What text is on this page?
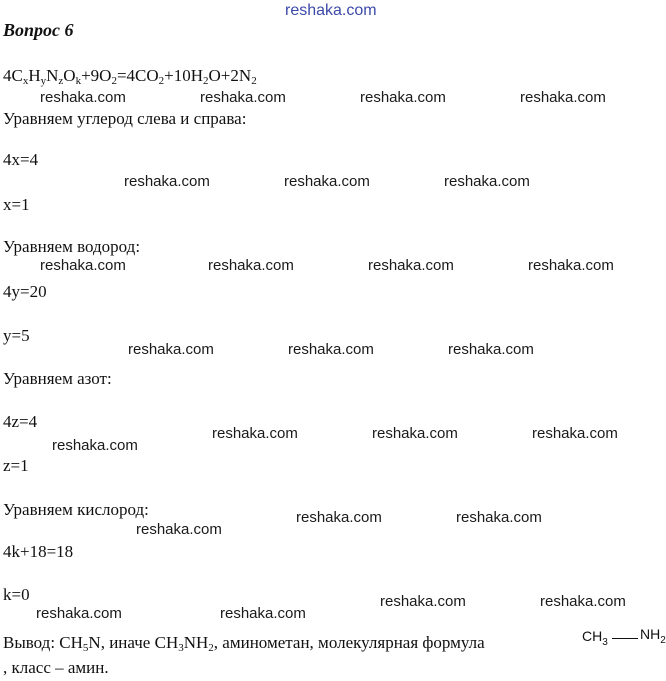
reshaka.com
Вопрос 6
$4C_xH_yN_zO_k+9O_2=4CO_2+10H_2O+2N_2$
Уравняем углерод слева и справа:
4x=4
x=1
Уравняем водород:
4y=20
y=5
Уравняем азот:
4z=4
z=1
Уравняем кислород:
4k+18=18
k=0
Вывод: $CH_5N$, иначе $CH_3NH_2$, аминометан, молекулярная формула
, класс – амин.
$CH_3$
$NH_2$
reshaka.com	reshaka.com	reshaka.com	reshaka.com
reshaka.com	reshaka.com	reshaka.com
reshaka.com	reshaka.com	reshaka.com	reshaka.com
reshaka.com	reshaka.com	reshaka.com
reshaka.com
reshaka.com	reshaka.com	reshaka.com
reshaka.com
reshaka.com	reshaka.com
reshaka.com	reshaka.com
reshaka.com	reshaka.com
